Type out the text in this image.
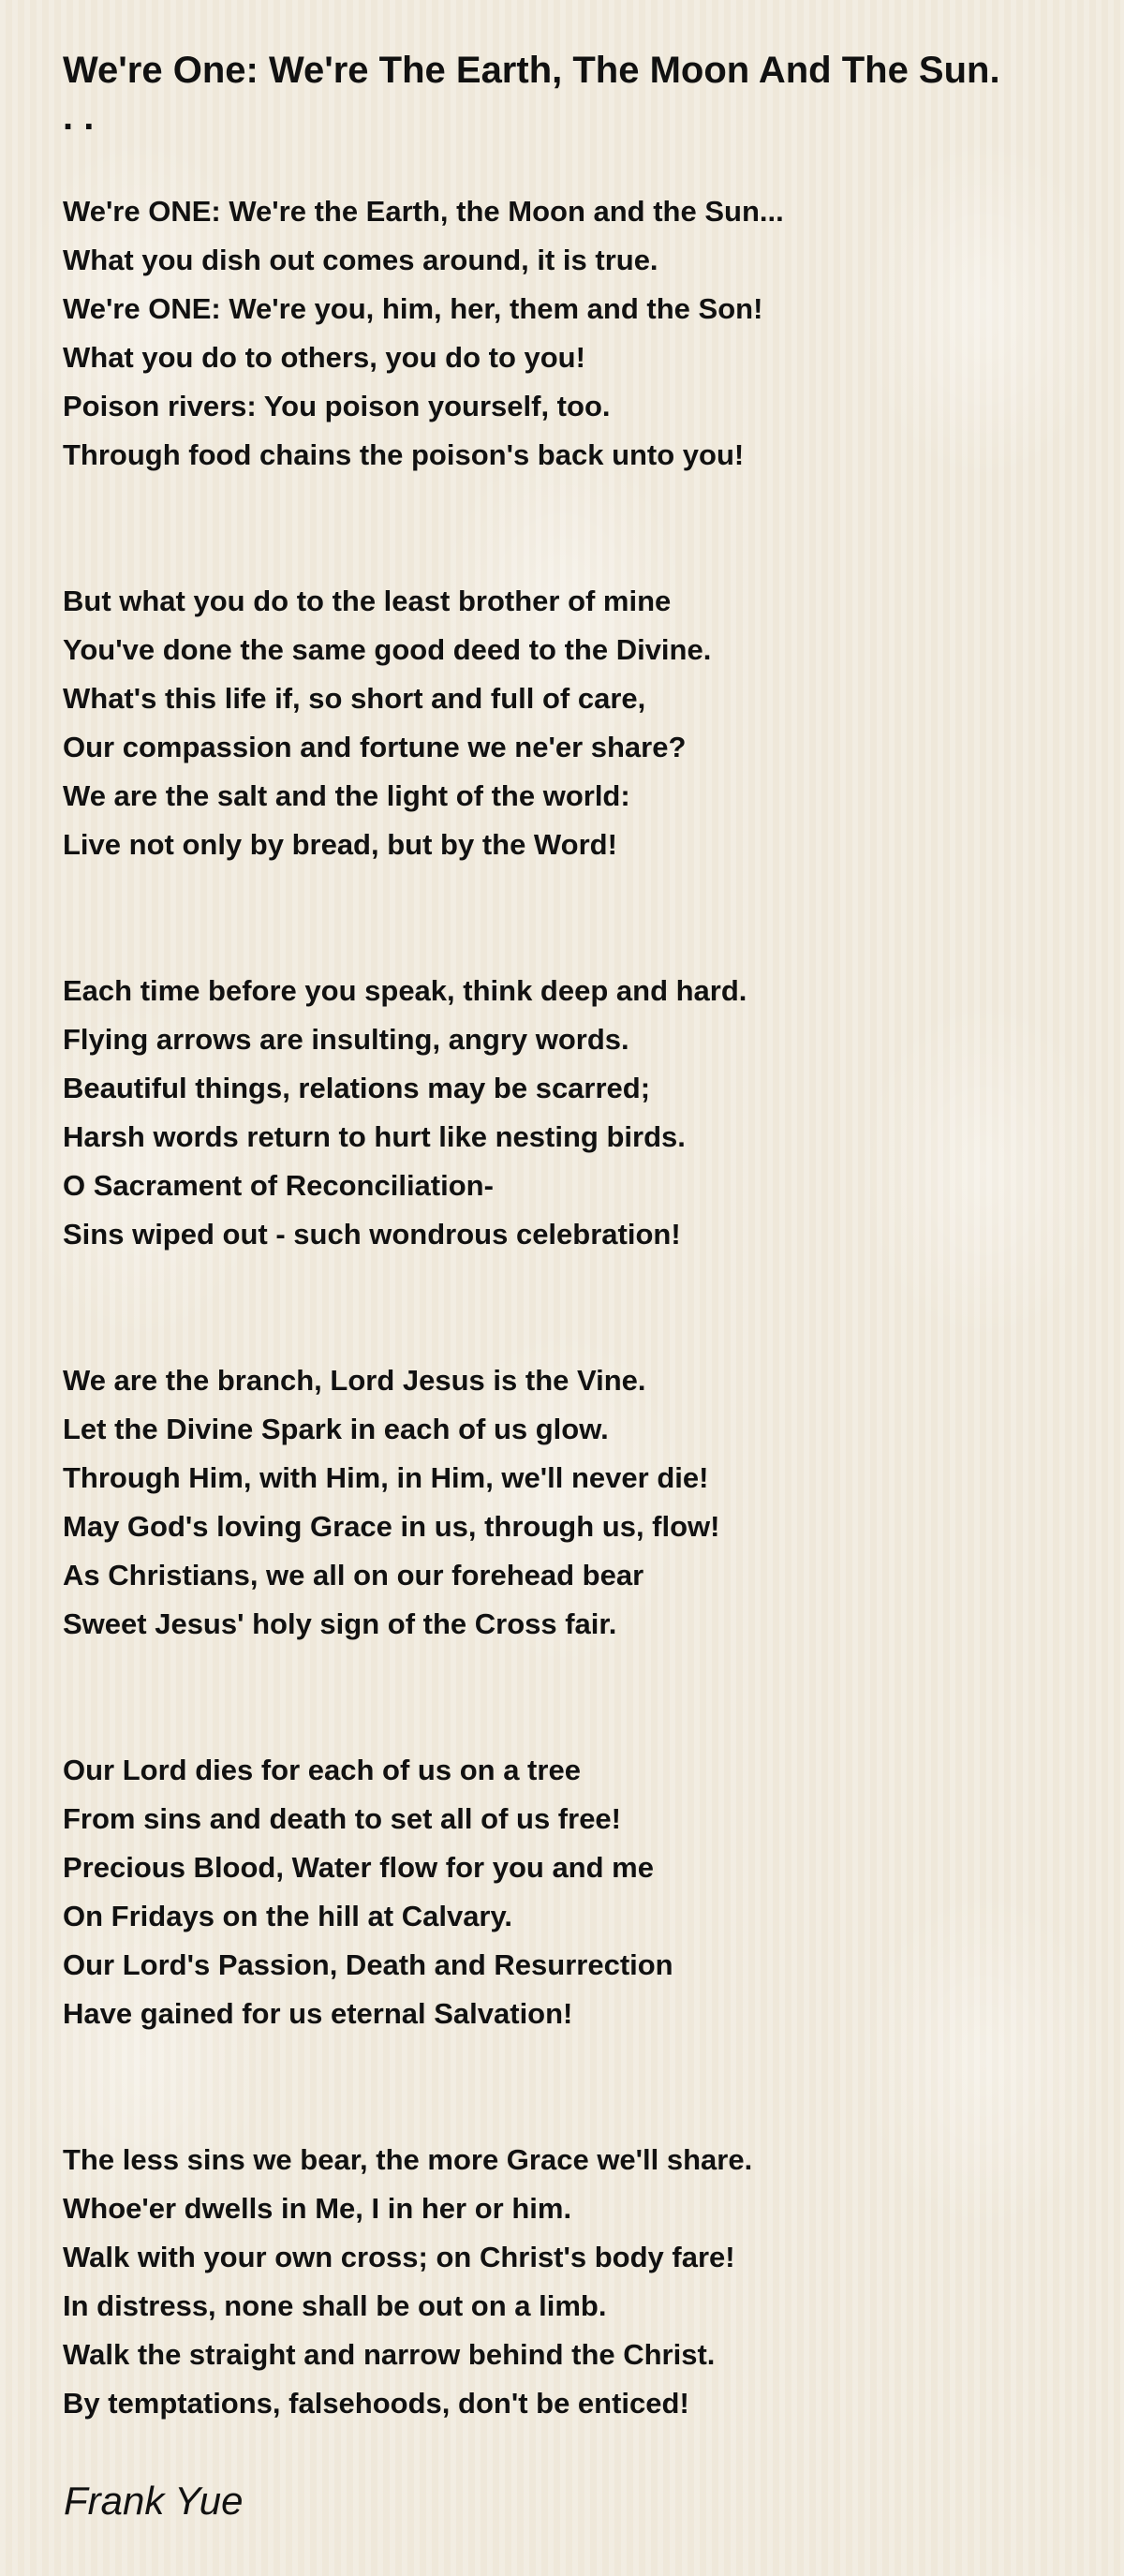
We're One: We're The Earth, The Moon And The Sun. . .
We're ONE: We're the Earth, the Moon and the Sun...
What you dish out comes around, it is true.
We're ONE: We're you, him, her, them and the Son!
What you do to others, you do to you!
Poison rivers: You poison yourself, too.
Through food chains the poison's back unto you!
But what you do to the least brother of mine
You've done the same good deed to the Divine.
What's this life if, so short and full of care,
Our compassion and fortune we ne'er share?
We are the salt and the light of the world:
Live not only by bread, but by the Word!
Each time before you speak, think deep and hard.
Flying arrows are insulting, angry words.
Beautiful things, relations may be scarred;
Harsh words return to hurt like nesting birds.
O Sacrament of Reconciliation-
Sins wiped out - such wondrous celebration!
We are the branch, Lord Jesus is the Vine.
Let the Divine Spark in each of us glow.
Through Him, with Him, in Him, we'll never die!
May God's loving Grace in us, through us, flow!
As Christians, we all on our forehead bear
Sweet Jesus' holy sign of the Cross fair.
Our Lord dies for each of us on a tree
From sins and death to set all of us free!
Precious Blood, Water flow for you and me
On Fridays on the hill at Calvary.
Our Lord's Passion, Death and Resurrection
Have gained for us eternal Salvation!
The less sins we bear, the more Grace we'll share.
Whoe'er dwells in Me, I in her or him.
Walk with your own cross; on Christ's body fare!
In distress, none shall be out on a limb.
Walk the straight and narrow behind the Christ.
By temptations, falsehoods, don't be enticed!
Frank Yue
